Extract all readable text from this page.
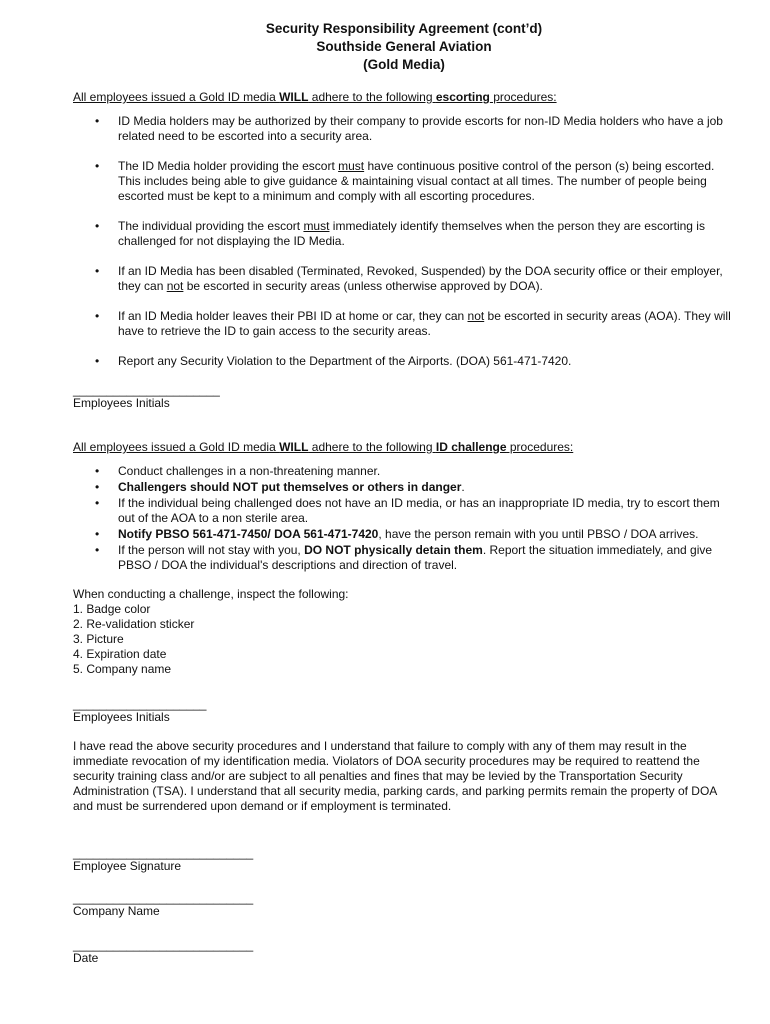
Security Responsibility Agreement (cont’d)
Southside General Aviation
(Gold Media)
All employees issued a Gold ID media WILL adhere to the following escorting procedures:
• ID Media holders may be authorized by their company to provide escorts for non-ID Media holders who have a job related need to be escorted into a security area.
• The ID Media holder providing the escort must have continuous positive control of the person (s) being escorted. This includes being able to give guidance & maintaining visual contact at all times. The number of people being escorted must be kept to a minimum and comply with all escorting procedures.
• The individual providing the escort must immediately identify themselves when the person they are escorting is challenged for not displaying the ID Media.
• If an ID Media has been disabled (Terminated, Revoked, Suspended) by the DOA security office or their employer, they can not be escorted in security areas (unless otherwise approved by DOA).
• If an ID Media holder leaves their PBI ID at home or car, they can not be escorted in security areas (AOA). They will have to retrieve the ID to gain access to the security areas.
• Report any Security Violation to the Department of the Airports. (DOA) 561-471-7420.
______________________
Employees Initials
All employees issued a Gold ID media WILL adhere to the following ID challenge procedures:
• Conduct challenges in a non-threatening manner.
• Challengers should NOT put themselves or others in danger.
• If the individual being challenged does not have an ID media, or has an inappropriate ID media, try to escort them out of the AOA to a non sterile area.
• Notify PBSO 561-471-7450/ DOA 561-471-7420, have the person remain with you until PBSO / DOA arrives.
• If the person will not stay with you, DO NOT physically detain them. Report the situation immediately, and give PBSO / DOA the individual's descriptions and direction of travel.
When conducting a challenge, inspect the following:
1. Badge color
2. Re-validation sticker
3. Picture
4. Expiration date
5. Company name
____________________
Employees Initials
I have read the above security procedures and I understand that failure to comply with any of them may result in the immediate revocation of my identification media. Violators of DOA security procedures may be required to reattend the security training class and/or are subject to all penalties and fines that may be levied by the Transportation Security Administration (TSA). I understand that all security media, parking cards, and parking permits remain the property of DOA and must be surrendered upon demand or if employment is terminated.
___________________________
Employee Signature
___________________________
Company Name
___________________________
Date
